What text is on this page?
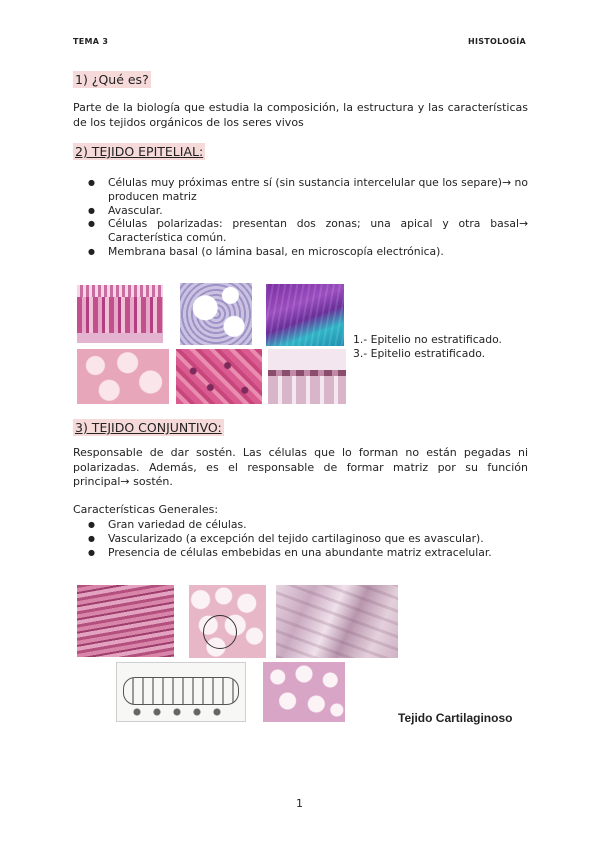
TEMA 3	HISTOLOGÍA
1) ¿Qué es?
Parte de la biología que estudia la composición, la estructura y las características de los tejidos orgánicos de los seres vivos
2) TEJIDO EPITELIAL:
● Células muy próximas entre sí (sin sustancia intercelular que los separe)→ no producen matriz
● Avascular.
● Células polarizadas: presentan dos zonas; una apical y otra basal→ Característica común.
● Membrana basal (o lámina basal, en microscopía electrónica).
1.- Epitelio no estratificado.
3.- Epitelio estratificado.
3) TEJIDO CONJUNTIVO:
Responsable de dar sostén. Las células que lo forman no están pegadas ni polarizadas. Además, es el responsable de formar matriz por su función principal→ sostén.
Características Generales:
● Gran variedad de células.
● Vascularizado (a excepción del tejido cartilaginoso que es avascular).
● Presencia de células embebidas en una abundante matriz extracelular.
Tejido Cartilaginoso
1
